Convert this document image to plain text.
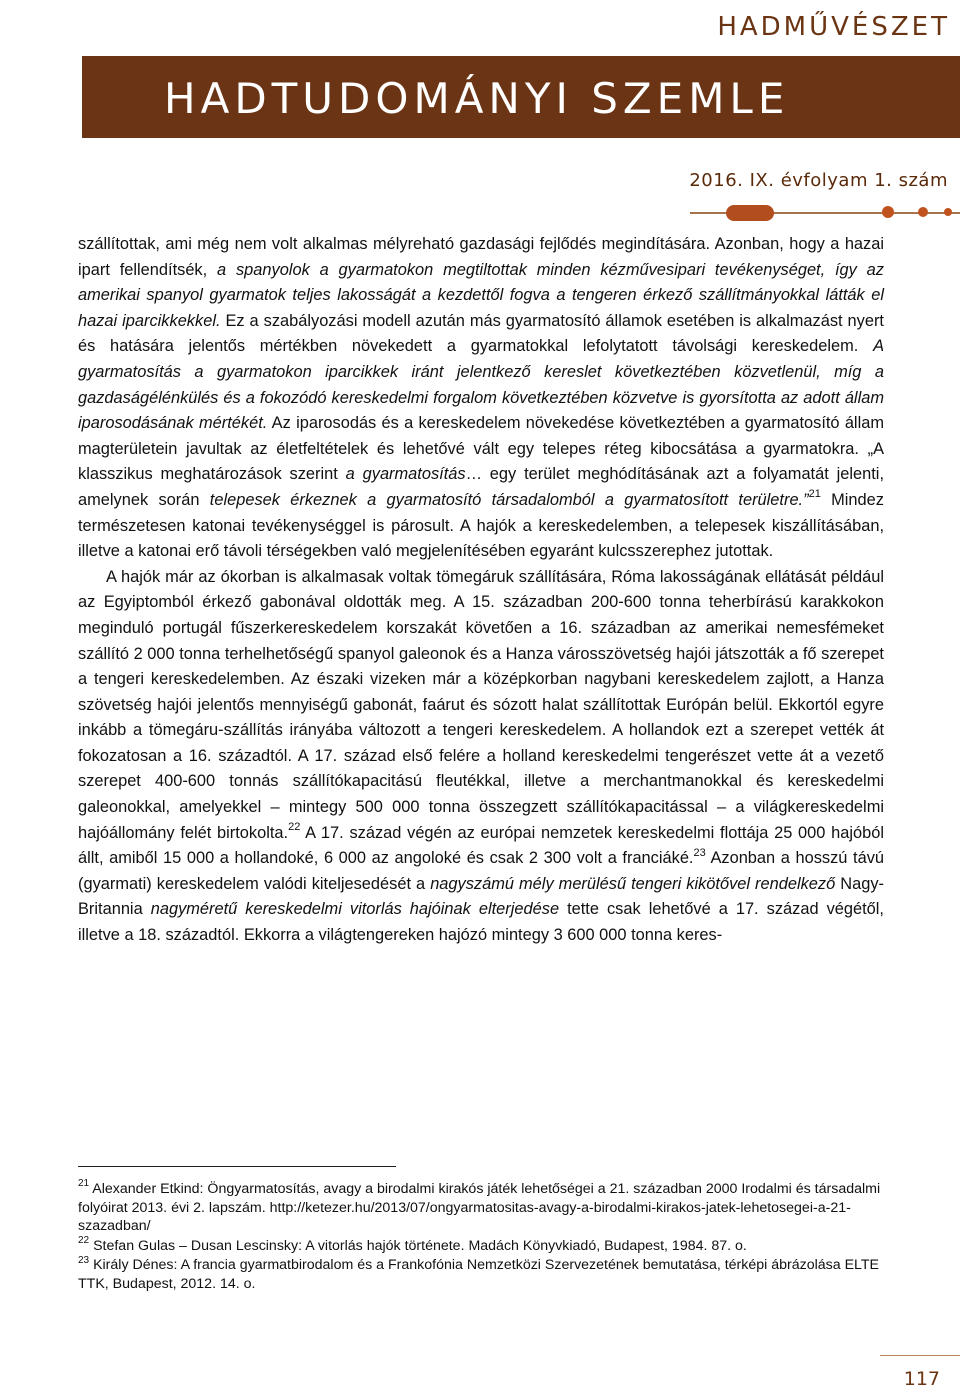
HADMŰVÉSZET
HADTUDOMÁNYI SZEMLE
2016. IX. évfolyam 1. szám

szállítottak, ami még nem volt alkalmas mélyreható gazdasági fejlődés megindítására. Azonban, hogy a hazai ipart fellendítsék, a spanyolok a gyarmatokon megtiltottak minden kézművesipari tevékenységet, így az amerikai spanyol gyarmatok teljes lakosságát a kezdettől fogva a tengeren érkező szállítmányokkal látták el hazai iparcikkekkel. Ez a szabályozási modell azután más gyarmatosító államok esetében is alkalmazást nyert és hatására jelentős mértékben növekedett a gyarmatokkal lefolytatott távolsági kereskedelem. A gyarmatosítás a gyarmatokon iparcikkek iránt jelentkező kereslet következtében közvetlenül, míg a gazdaságélénkülés és a fokozódó kereskedelmi forgalom következtében közvetve is gyorsította az adott állam iparosodásának mértékét. Az iparosodás és a kereskedelem növekedése következtében a gyarmatosító állam magterületein javultak az életfeltételek és lehetővé vált egy telepes réteg kibocsátása a gyarmatokra. „A klasszikus meghatározások szerint a gyarmatosítás… egy terület meghódításának azt a folyamatát jelenti, amelynek során telepesek érkeznek a gyarmatosító társadalomból a gyarmatosított területre.”$^{21}$ Mindez természetesen katonai tevékenységgel is párosult. A hajók a kereskedelemben, a telepesek kiszállításában, illetve a katonai erő távoli térségekben való megjelenítésében egyaránt kulcsszerephez jutottak.

A hajók már az ókorban is alkalmasak voltak tömegáruk szállítására, Róma lakosságának ellátását például az Egyiptomból érkező gabonával oldották meg. A 15. században 200-600 tonna teherbírású karakkokon meginduló portugál fűszerkereskedelem korszakát követően a 16. században az amerikai nemesfémeket szállító 2 000 tonna terhelhetőségű spanyol galeonok és a Hanza városszövetség hajói játszották a fő szerepet a tengeri kereskedelemben. Az északi vizeken már a középkorban nagybani kereskedelem zajlott, a Hanza szövetség hajói jelentős mennyiségű gabonát, faárut és sózott halat szállítottak Európán belül. Ekkortól egyre inkább a tömegáru-szállítás irányába változott a tengeri kereskedelem. A hollandok ezt a szerepet vették át fokozatosan a 16. századtól. A 17. század első felére a holland kereskedelmi tengerészet vette át a vezető szerepet 400-600 tonnás szállítókapacitású fleutékkal, illetve a merchantmanokkal és kereskedelmi galeonokkal, amelyekkel – mintegy 500 000 tonna összegzett szállítókapacitással – a világkereskedelmi hajóállomány felét birtokolta.$^{22}$ A 17. század végén az európai nemzetek kereskedelmi flottája 25 000 hajóból állt, amiből 15 000 a hollandoké, 6 000 az angoloké és csak 2 300 volt a franciáké.$^{23}$ Azonban a hosszú távú (gyarmati) kereskedelem valódi kiteljesedését a nagyszámú mély merülésű tengeri kikötővel rendelkező Nagy-Britannia nagyméretű kereskedelmi vitorlás hajóinak elterjedése tette csak lehetővé a 17. század végétől, illetve a 18. századtól. Ekkorra a világtengereken hajózó mintegy 3 600 000 tonna keres-

$^{21}$ Alexander Etkind: Öngyarmatosítás, avagy a birodalmi kirakós játék lehetőségei a 21. században 2000 Irodalmi és társadalmi folyóirat 2013. évi 2. lapszám. http://ketezer.hu/2013/07/ongyarmatositas-avagy-a-birodalmi-kirakos-jatek-lehetosegei-a-21-szazadban/

$^{22}$ Stefan Gulas – Dusan Lescinsky: A vitorlás hajók története. Madách Könyvkiadó, Budapest, 1984. 87. o.

$^{23}$ Király Dénes: A francia gyarmatbirodalom és a Frankofónia Nemzetközi Szervezetének bemutatása, térképi ábrázolása ELTE TTK, Budapest, 2012. 14. o.

117
